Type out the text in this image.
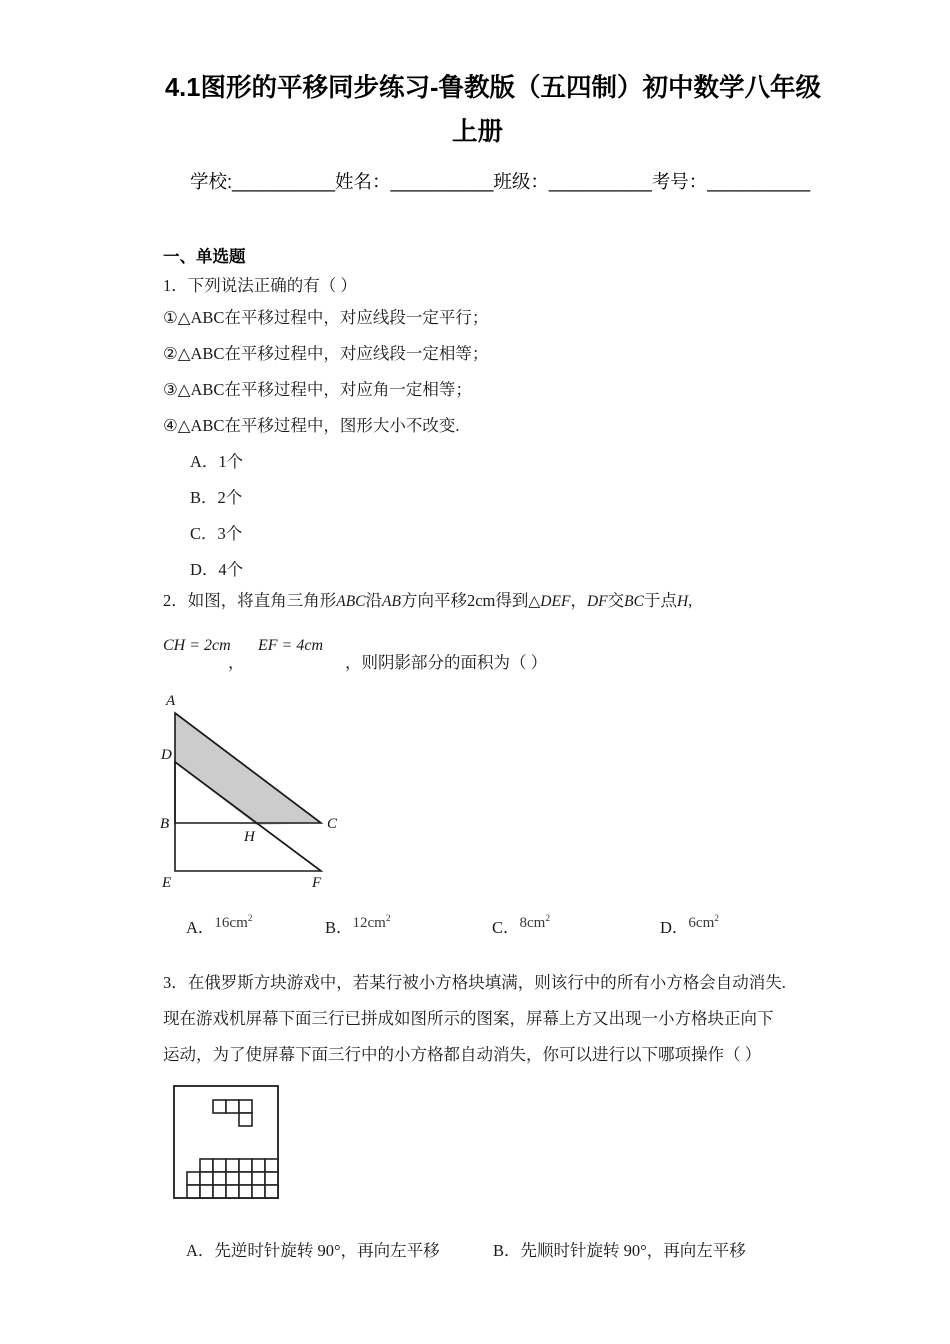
4.1图形的平移同步练习-鲁教版（五四制）初中数学八年级
上册
学校:__________姓名：__________班级：__________考号：__________
一、单选题
1．下列说法正确的有（ ）
①△ABC在平移过程中，对应线段一定平行；
②△ABC在平移过程中，对应线段一定相等；
③△ABC在平移过程中，对应角一定相等；
④△ABC在平移过程中，图形大小不改变.
A．1个
B．2个
C．3个
D．4个
2．如图，将直角三角形ABC沿AB方向平移2cm得到△DEF，DF交BC于点H,
CH = 2cm EF = 4cm
，	，则阴影部分的面积为（ ）
A
D
B
H
C
E	F
A．$16cm^2$	B．$12cm^2$	C．$8cm^2$	D．$6cm^2$
3．在俄罗斯方块游戏中，若某行被小方格块填满，则该行中的所有小方格会自动消失.
现在游戏机屏幕下面三行已拼成如图所示的图案，屏幕上方又出现一小方格块正向下
运动，为了使屏幕下面三行中的小方格都自动消失，你可以进行以下哪项操作（ ）
A．先逆时针旋转 90°，再向左平移	B．先顺时针旋转 90°，再向左平移
